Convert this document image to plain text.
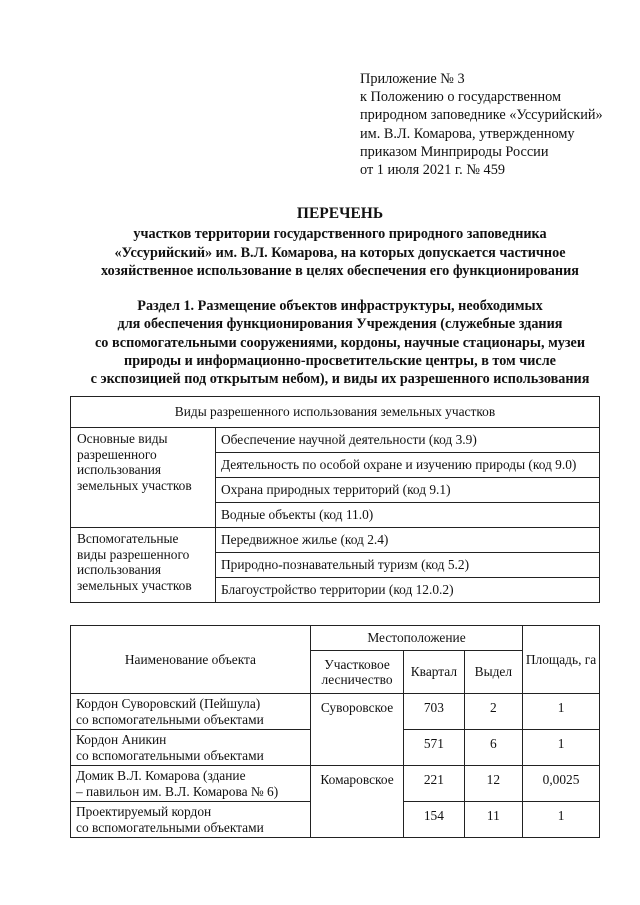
Приложение № 3
к Положению о государственном
природном заповеднике «Уссурийский»
им. В.Л. Комарова, утвержденному
приказом Минприроды России
от 1 июля 2021 г. № 459
ПЕРЕЧЕНЬ
участков территории государственного природного заповедника
«Уссурийский» им. В.Л. Комарова, на которых допускается частичное
хозяйственное использование в целях обеспечения его функционирования
Раздел 1. Размещение объектов инфраструктуры, необходимых
для обеспечения функционирования Учреждения (служебные здания
со вспомогательными сооружениями, кордоны, научные стационары, музеи
природы и информационно-просветительские центры, в том числе
с экспозицией под открытым небом), и виды их разрешенного использования
Виды разрешенного использования земельных участков	
Основные виды разрешенного использования земельных участков	Обеспечение научной деятельности (код 3.9)
	Деятельность по особой охране и изучению природы (код 9.0)
	Охрана природных территорий (код 9.1)
	Водные объекты (код 11.0)
Вспомогательные виды разрешенного использования земельных участков	Передвижное жилье (код 2.4)
	Природно-познавательный туризм (код 5.2)
	Благоустройство территории (код 12.0.2)
Наименование объекта	Местоположение			Площадь, га
	Участковое лесничество	Квартал	Выдел	

Кордон Суворовский (Пейшула)
со вспомогательными объектами	Суворовское	703	2	1

Кордон Аникин
со вспомогательными объектами		571	6	1

Домик В.Л. Комарова (здание
– павильон им. В.Л. Комарова № 6)	Комаровское	221	12	0,0025

Проектируемый кордон
со вспомогательными объектами		154	11	1
